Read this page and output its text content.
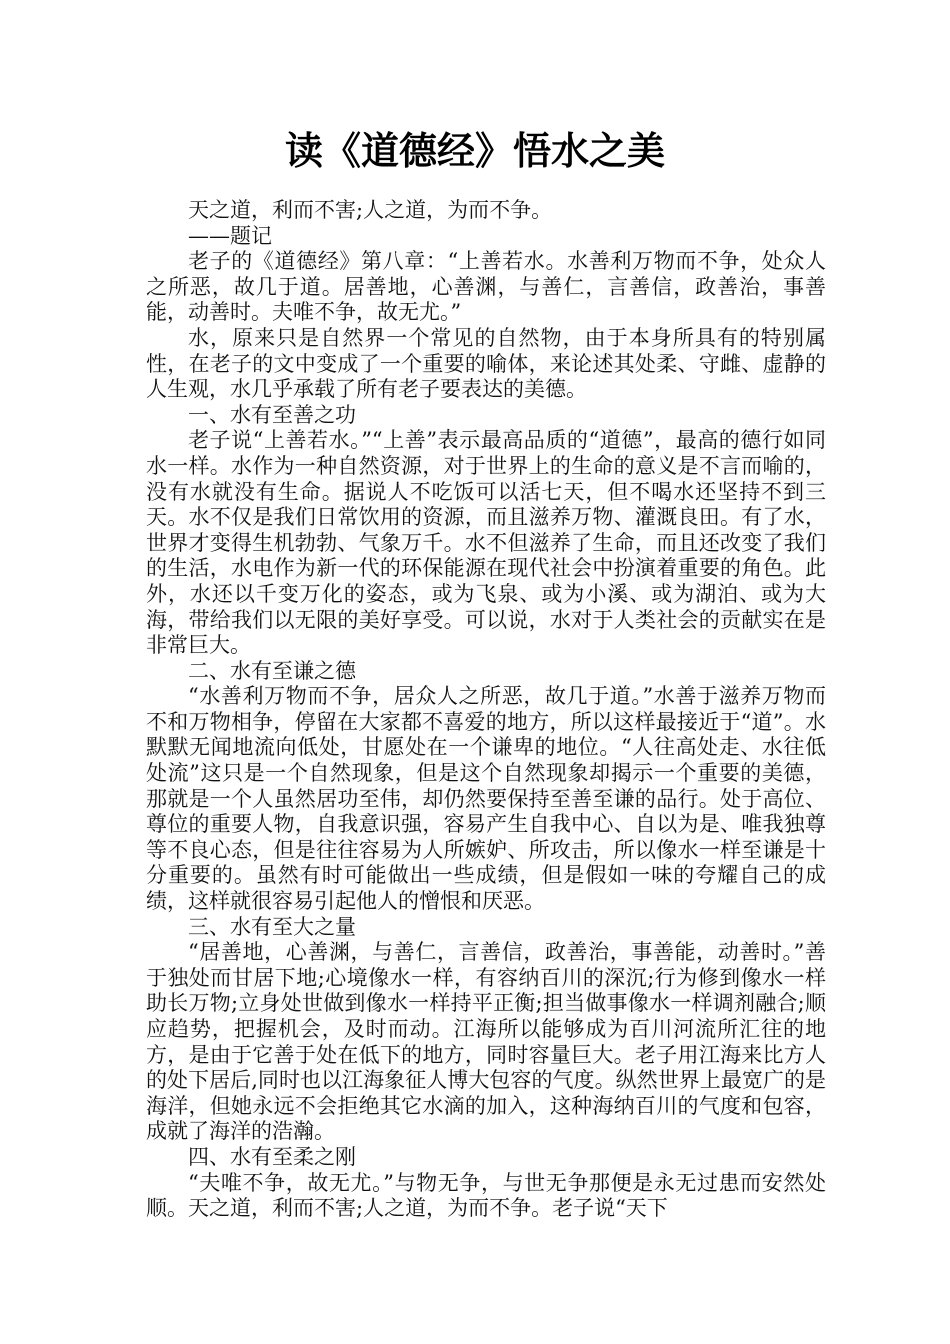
读《道德经》悟水之美

天之道，利而不害;人之道，为而不争。

——题记

老子的《道德经》第八章：“上善若水。水善利万物而不争，处众人之所恶，故几于道。居善地，心善渊，与善仁，言善信，政善治，事善能，动善时。夫唯不争，故无尤。”

水，原来只是自然界一个常见的自然物，由于本身所具有的特别属性，在老子的文中变成了一个重要的喻体，来论述其处柔、守雌、虚静的人生观，水几乎承载了所有老子要表达的美德。

一、水有至善之功

老子说“上善若水。”“上善”表示最高品质的“道德”，最高的德行如同水一样。水作为一种自然资源，对于世界上的生命的意义是不言而喻的，没有水就没有生命。据说人不吃饭可以活七天，但不喝水还坚持不到三天。水不仅是我们日常饮用的资源，而且滋养万物、灌溉良田。有了水，世界才变得生机勃勃、气象万千。水不但滋养了生命，而且还改变了我们的生活，水电作为新一代的环保能源在现代社会中扮演着重要的角色。此外，水还以千变万化的姿态，或为飞泉、或为小溪、或为湖泊、或为大海，带给我们以无限的美好享受。可以说，水对于人类社会的贡献实在是非常巨大。

二、水有至谦之德

“水善利万物而不争，居众人之所恶，故几于道。”水善于滋养万物而不和万物相争，停留在大家都不喜爱的地方，所以这样最接近于“道”。水默默无闻地流向低处，甘愿处在一个谦卑的地位。“人往高处走、水往低处流”这只是一个自然现象，但是这个自然现象却揭示一个重要的美德，那就是一个人虽然居功至伟，却仍然要保持至善至谦的品行。处于高位、尊位的重要人物，自我意识强，容易产生自我中心、自以为是、唯我独尊等不良心态，但是往往容易为人所嫉妒、所攻击，所以像水一样至谦是十分重要的。虽然有时可能做出一些成绩，但是假如一味的夸耀自己的成绩，这样就很容易引起他人的憎恨和厌恶。

三、水有至大之量

“居善地，心善渊，与善仁，言善信，政善治，事善能，动善时。”善于独处而甘居下地;心境像水一样，有容纳百川的深沉;行为修到像水一样助长万物;立身处世做到像水一样持平正衡;担当做事像水一样调剂融合;顺应趋势，把握机会，及时而动。江海所以能够成为百川河流所汇往的地方，是由于它善于处在低下的地方，同时容量巨大。老子用江海来比方人的处下居后,同时也以江海象征人博大包容的气度。纵然世界上最宽广的是海洋，但她永远不会拒绝其它水滴的加入，这种海纳百川的气度和包容，成就了海洋的浩瀚。

四、水有至柔之刚

“夫唯不争，故无尤。”与物无争，与世无争那便是永无过患而安然处顺。天之道，利而不害;人之道，为而不争。老子说“天下
